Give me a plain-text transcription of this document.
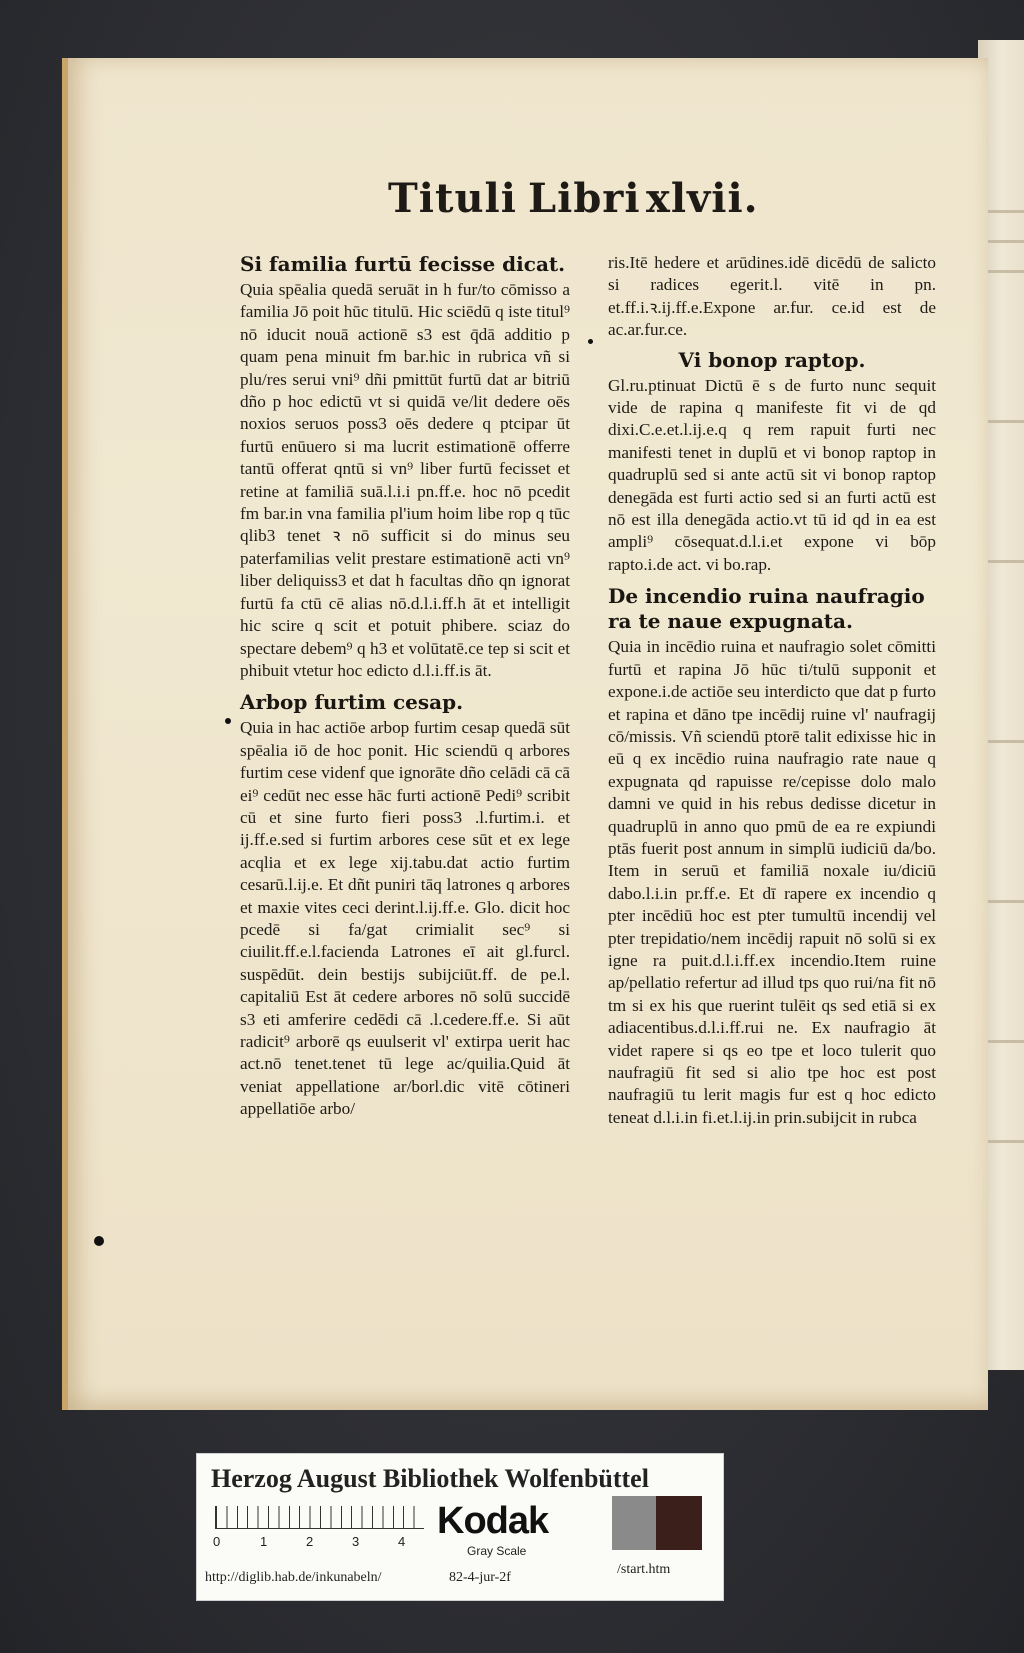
Tituli Libri xlvii.
Si familia furtū fecisse dicat.

Quia spēalia quedā seruāt in h fur/to cōmisso a familia Jō poit hūc titulū. Hic sciēdū q iste titul⁹ nō iducit nouā actionē s3 est q̄dā additio p quam pena minuit fm bar.hic in rubrica vñ si plu/res serui vni⁹ dñi pmittūt furtū dat ar bitriū dño p hoc edictū vt si quidā ve/lit dedere oēs noxios seruos poss3 oēs dedere q ptcipar ūt furtū enūuero si ma lucrit estimationē offerre tantū offerat qntū si vn⁹ liber furtū fecisset et retine at familiā suā.l.i.i pn.ff.e. hoc nō pcedit fm bar.in vna familia pl'ium hoim libe rop q tūc qlib3 tenet ꝛ nō sufficit si do minus seu paterfamilias velit prestare estimationē acti vn⁹ liber deliquiss3 et dat h facultas dño qn ignorat furtū fa ctū cē alias nō.d.l.i.ff.h āt et intelligit hic scire q scit et potuit phibere. sciaz do spectare debem⁹ q h3 et volūtatē.ce tep si scit et phibuit vtetur hoc edicto d.l.i.ff.is āt.

Arbop furtim cesap.

Quia in hac actiōe arbop furtim cesap quedā sūt spēalia iō de hoc ponit. Hic sciendū q arbores furtim cese videnf que ignorāte dño celādi cā cā ei⁹ cedūt nec esse hāc furti actionē Pedi⁹ scribit cū et sine furto fieri poss3 .l.furtim.i. et ij.ff.e.sed si furtim arbores cese sūt et ex lege acqlia et ex lege xij.tabu.dat actio furtim cesarū.l.ij.e. Et dñt puniri tāq latrones q arbores et maxie vites ceci derint.l.ij.ff.e. Glo. dicit hoc pcedē si fa/gat crimialit sec⁹ si ciuilit.ff.e.l.facienda Latrones eī ait gl.furcl. suspēdūt. dein bestijs subijciūt.ff. de pe.l. capitaliū Est āt cedere arbores nō solū succidē s3 eti amferire cedēdi cā .l.cedere.ff.e. Si aūt radicit⁹ arborē qs euulserit vl' extirpa uerit hac act.nō tenet.tenet tū lege ac/quilia.Quid āt veniat appellatione ar/borl.dic vitē cōtineri appellatiōe arbo/

ris.Itē hedere et arūdines.idē dicēdū de salicto si radices egerit.l. vitē in pn. et.ff.i.ꝛ.ij.ff.e.Expone ar.fur. ce.id est de ac.ar.fur.ce.

Vi bonop raptop.

Gl.ru.ptinuat Dictū ē s de furto nunc sequit vide de rapina q manifeste fit vi de qd dixi.C.e.et.l.ij.e.q q rem rapuit furti nec manifesti tenet in duplū et vi bonop raptop in quadruplū sed si ante actū sit vi bonop raptop denegāda est furti actio sed si an furti actū est nō est illa denegāda actio.vt tū id qd in ea est ampli⁹ cōsequat.d.l.i.et expone vi bōp rapto.i.de act. vi bo.rap.

De incendio ruina naufragio ra te naue expugnata.

Quia in incēdio ruina et naufragio solet cōmitti furtū et rapina Jō hūc ti/tulū supponit et expone.i.de actiōe seu interdicto que dat p furto et rapina et dāno tpe incēdij ruine vl' naufragij cō/missis. Vñ sciendū ptorē talit edixisse hic in eū q ex incēdio ruina naufragio rate naue q expugnata qd rapuisse re/cepisse dolo malo damni ve quid in his rebus dedisse dicetur in quadruplū in anno quo pmū de ea re expiundi ptās fuerit post annum in simplū iudiciū da/bo. Item in seruū et familiā noxale iu/diciū dabo.l.i.in pr.ff.e. Et dī rapere ex incendio q pter incēdiū hoc est pter tumultū incendij vel pter trepidatio/nem incēdij rapuit nō solū si ex igne ra puit.d.l.i.ff.ex incendio.Item ruine ap/pellatio refertur ad illud tps quo rui/na fit nō tm si ex his que ruerint tulēit qs sed etiā si ex adiacentibus.d.l.i.ff.rui ne. Ex naufragio āt videt rapere si qs eo tpe et loco tulerit quo naufragiū fit sed si alio tpe hoc est post naufragiū tu lerit magis fur est q hoc edicto teneat d.l.i.in fi.et.l.ij.in prin.subijcit in rubca

Herzog August Bibliothek Wolfenbüttel
0	1	2	3	4 Kodak
Gray Scale
http://diglib.hab.de/inkunabeln/	82-4-jur-2f
/start.htm
